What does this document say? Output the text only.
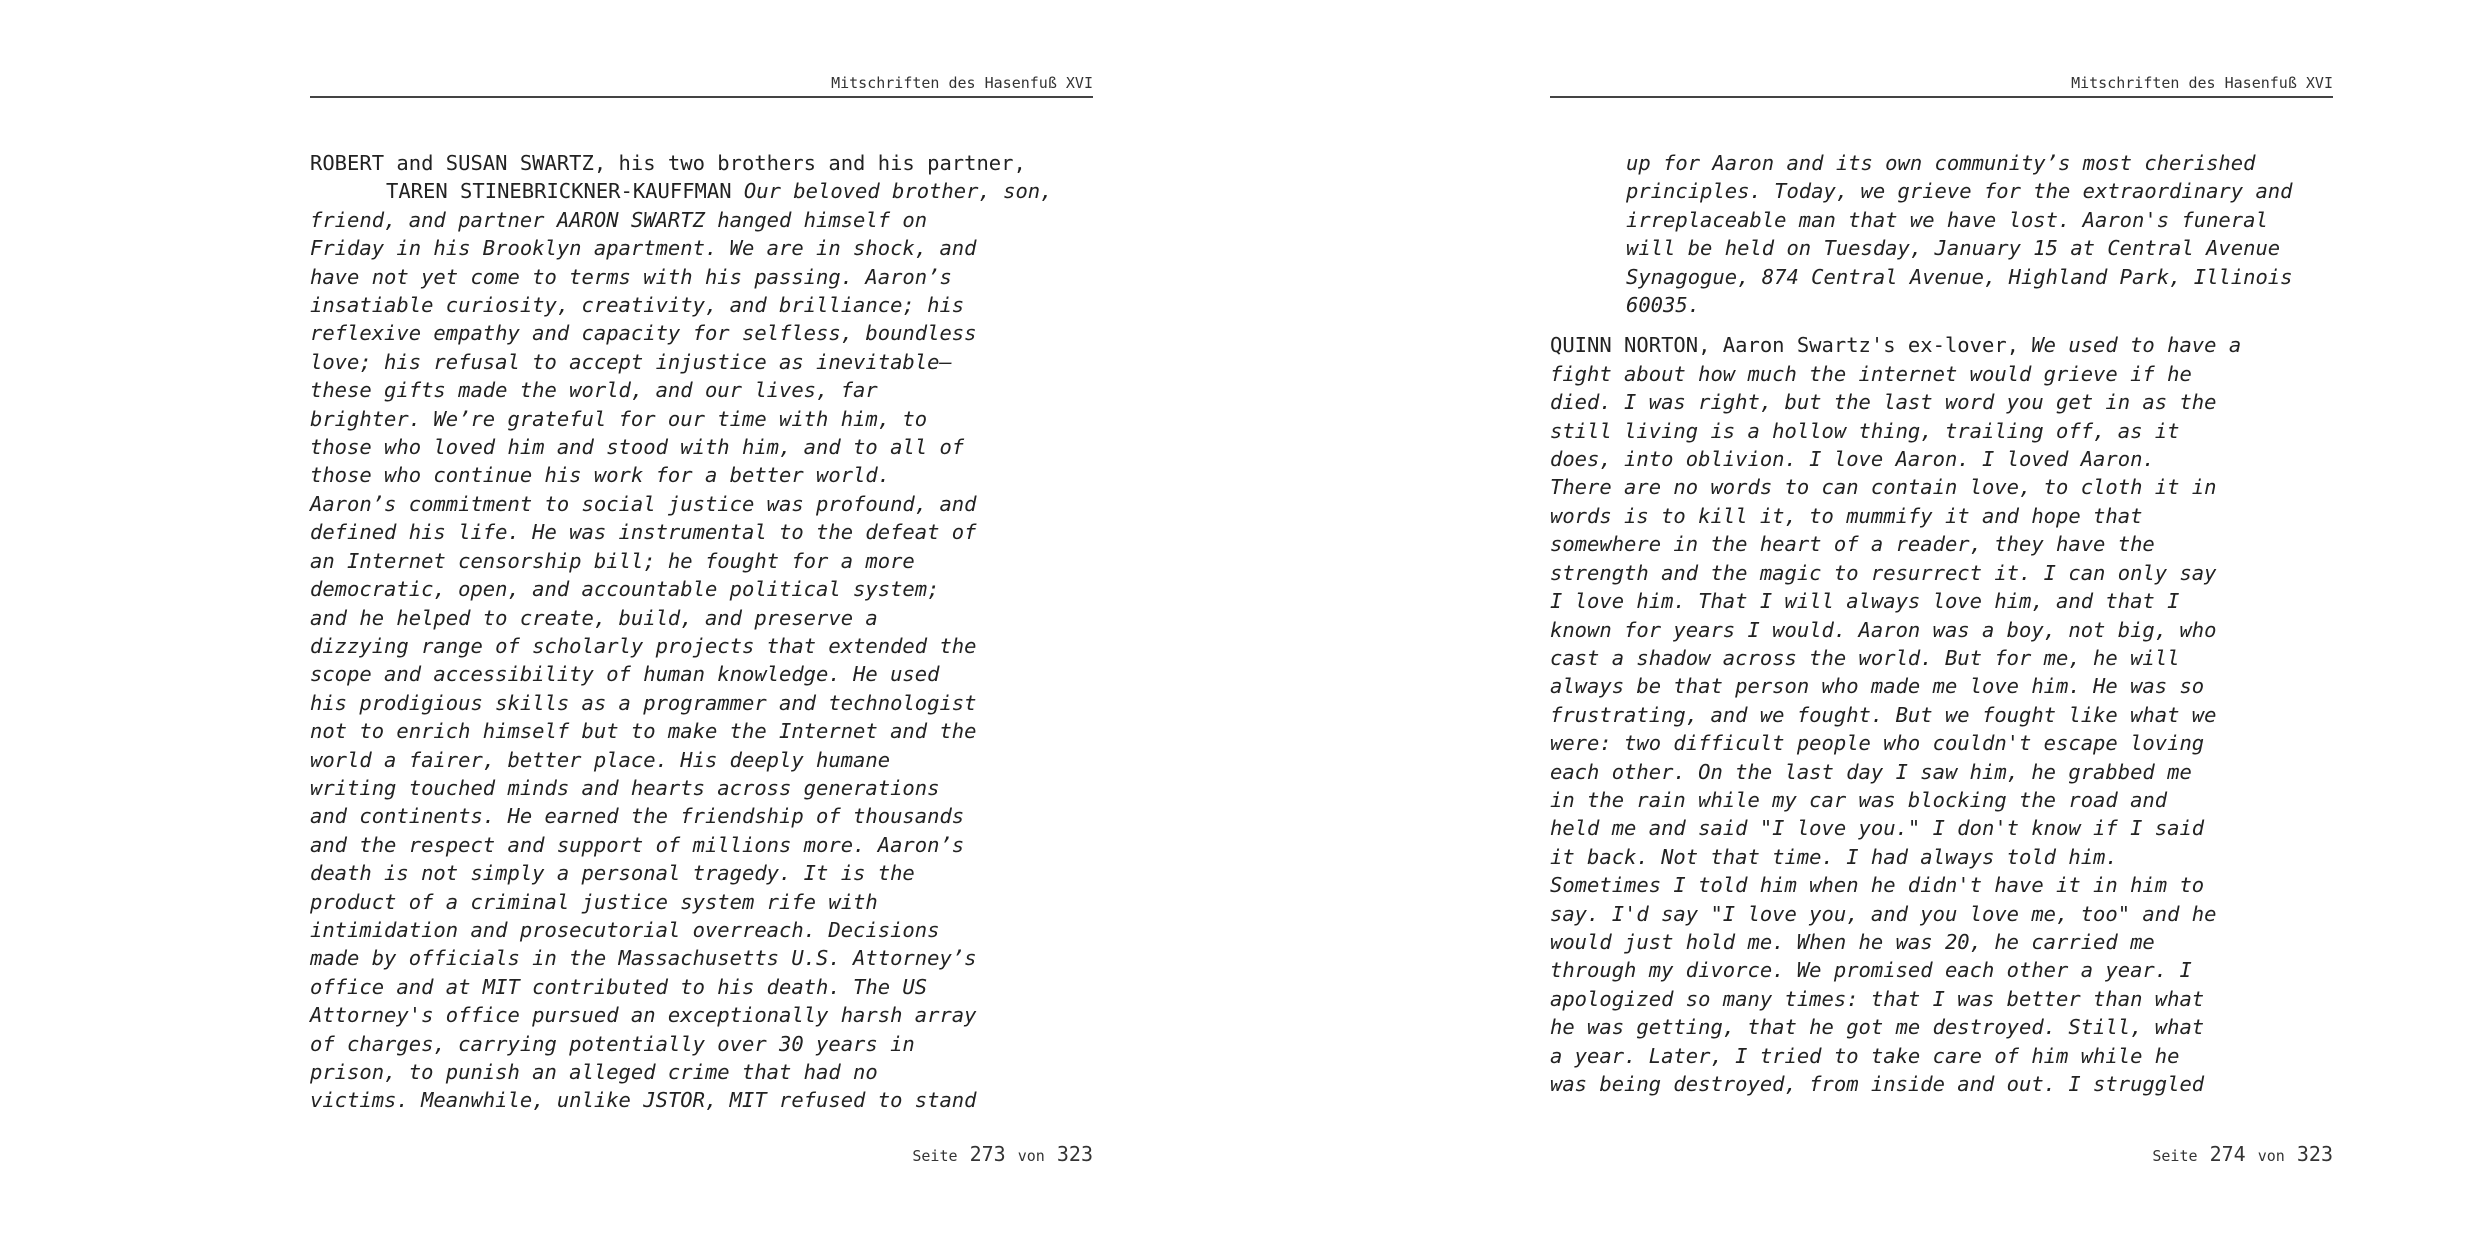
Mitschriften des Hasenfuß XVI

ROBERT and SUSAN SWARTZ, his two brothers and his partner,
TAREN STINEBRICKNER-KAUFFMAN Our beloved brother, son,
friend, and partner AARON SWARTZ hanged himself on
Friday in his Brooklyn apartment. We are in shock, and
have not yet come to terms with his passing. Aaron’s
insatiable curiosity, creativity, and brilliance; his
reflexive empathy and capacity for selfless, boundless
love; his refusal to accept injustice as inevitable—
these gifts made the world, and our lives, far
brighter. We’re grateful for our time with him, to
those who loved him and stood with him, and to all of
those who continue his work for a better world.
Aaron’s commitment to social justice was profound, and
defined his life. He was instrumental to the defeat of
an Internet censorship bill; he fought for a more
democratic, open, and accountable political system;
and he helped to create, build, and preserve a
dizzying range of scholarly projects that extended the
scope and accessibility of human knowledge. He used
his prodigious skills as a programmer and technologist
not to enrich himself but to make the Internet and the
world a fairer, better place. His deeply humane
writing touched minds and hearts across generations
and continents. He earned the friendship of thousands
and the respect and support of millions more. Aaron’s
death is not simply a personal tragedy. It is the
product of a criminal justice system rife with
intimidation and prosecutorial overreach. Decisions
made by officials in the Massachusetts U.S. Attorney’s
office and at MIT contributed to his death. The US
Attorney's office pursued an exceptionally harsh array
of charges, carrying potentially over 30 years in
prison, to punish an alleged crime that had no
victims. Meanwhile, unlike JSTOR, MIT refused to stand

Seite 273 von 323
Mitschriften des Hasenfuß XVI

up for Aaron and its own community’s most cherished
principles. Today, we grieve for the extraordinary and
irreplaceable man that we have lost. Aaron's funeral
will be held on Tuesday, January 15 at Central Avenue
Synagogue, 874 Central Avenue, Highland Park, Illinois
60035.

QUINN NORTON, Aaron Swartz's ex-lover, We used to have a
fight about how much the internet would grieve if he
died. I was right, but the last word you get in as the
still living is a hollow thing, trailing off, as it
does, into oblivion. I love Aaron. I loved Aaron.
There are no words to can contain love, to cloth it in
words is to kill it, to mummify it and hope that
somewhere in the heart of a reader, they have the
strength and the magic to resurrect it. I can only say
I love him. That I will always love him, and that I
known for years I would. Aaron was a boy, not big, who
cast a shadow across the world. But for me, he will
always be that person who made me love him. He was so
frustrating, and we fought. But we fought like what we
were: two difficult people who couldn't escape loving
each other. On the last day I saw him, he grabbed me
in the rain while my car was blocking the road and
held me and said "I love you." I don't know if I said
it back. Not that time. I had always told him.
Sometimes I told him when he didn't have it in him to
say. I'd say "I love you, and you love me, too" and he
would just hold me. When he was 20, he carried me
through my divorce. We promised each other a year. I
apologized so many times: that I was better than what
he was getting, that he got me destroyed. Still, what
a year. Later, I tried to take care of him while he
was being destroyed, from inside and out. I struggled

Seite 274 von 323
